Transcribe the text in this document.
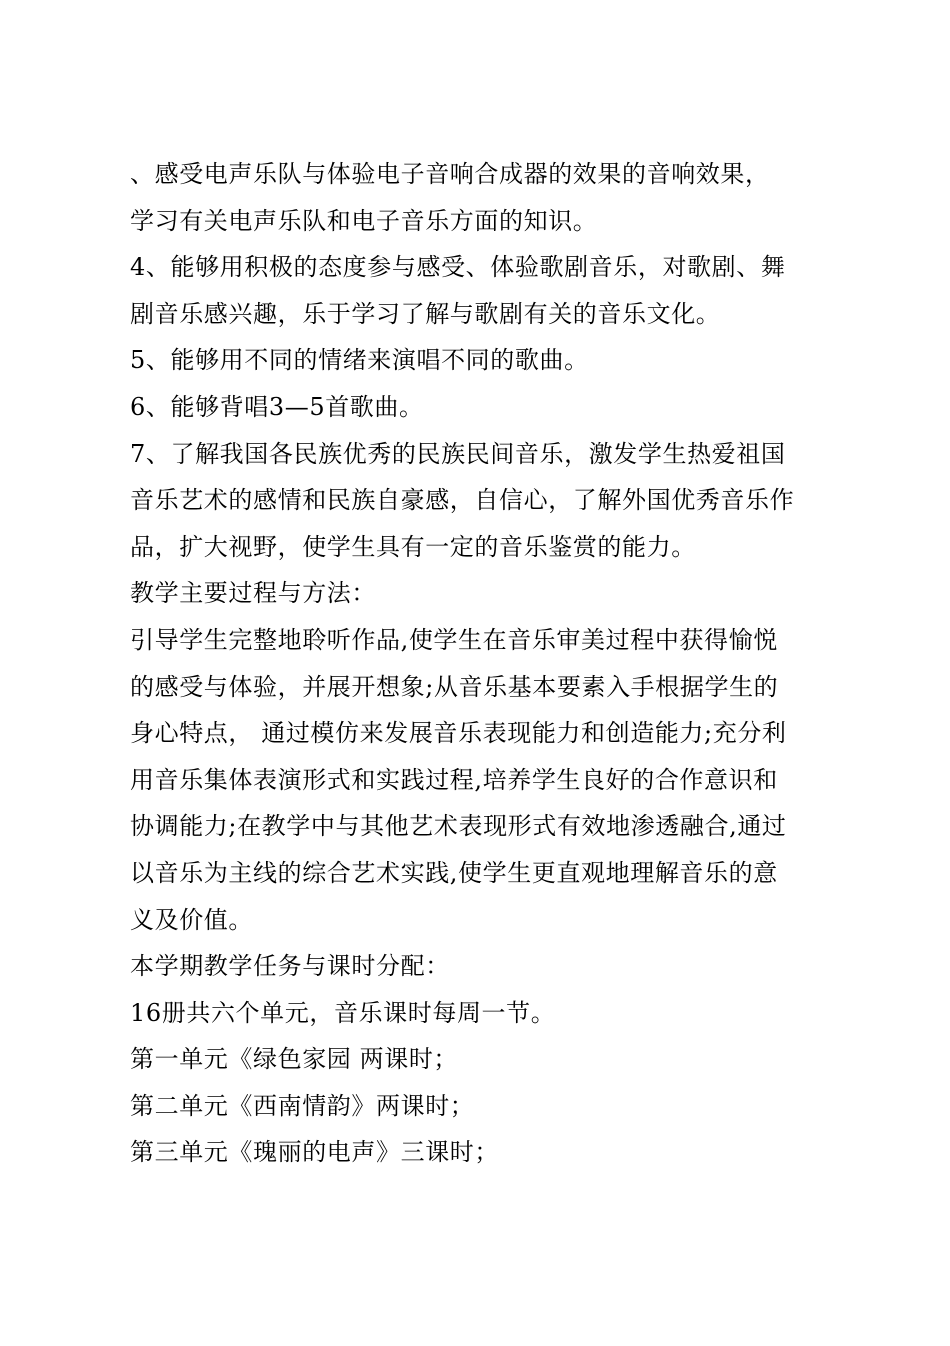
、感受电声乐队与体验电子音响合成器的效果的音响效果，
学习有关电声乐队和电子音乐方面的知识。
4、能够用积极的态度参与感受、体验歌剧音乐，对歌剧、舞
剧音乐感兴趣，乐于学习了解与歌剧有关的音乐文化。
5、能够用不同的情绪来演唱不同的歌曲。
6、能够背唱3—5首歌曲。
7、了解我国各民族优秀的民族民间音乐，激发学生热爱祖国
音乐艺术的感情和民族自豪感，自信心，了解外国优秀音乐作
品，扩大视野，使学生具有一定的音乐鉴赏的能力。
教学主要过程与方法：
引导学生完整地聆听作品,使学生在音乐审美过程中获得愉悦
的感受与体验，并展开想象;从音乐基本要素入手根据学生的
身心特点， 通过模仿来发展音乐表现能力和创造能力;充分利
用音乐集体表演形式和实践过程,培养学生良好的合作意识和
协调能力;在教学中与其他艺术表现形式有效地渗透融合,通过
以音乐为主线的综合艺术实践,使学生更直观地理解音乐的意
义及价值。
本学期教学任务与课时分配：
16册共六个单元，音乐课时每周一节。
第一单元《绿色家园 两课时；
第二单元《西南情韵》两课时；
第三单元《瑰丽的电声》三课时；
